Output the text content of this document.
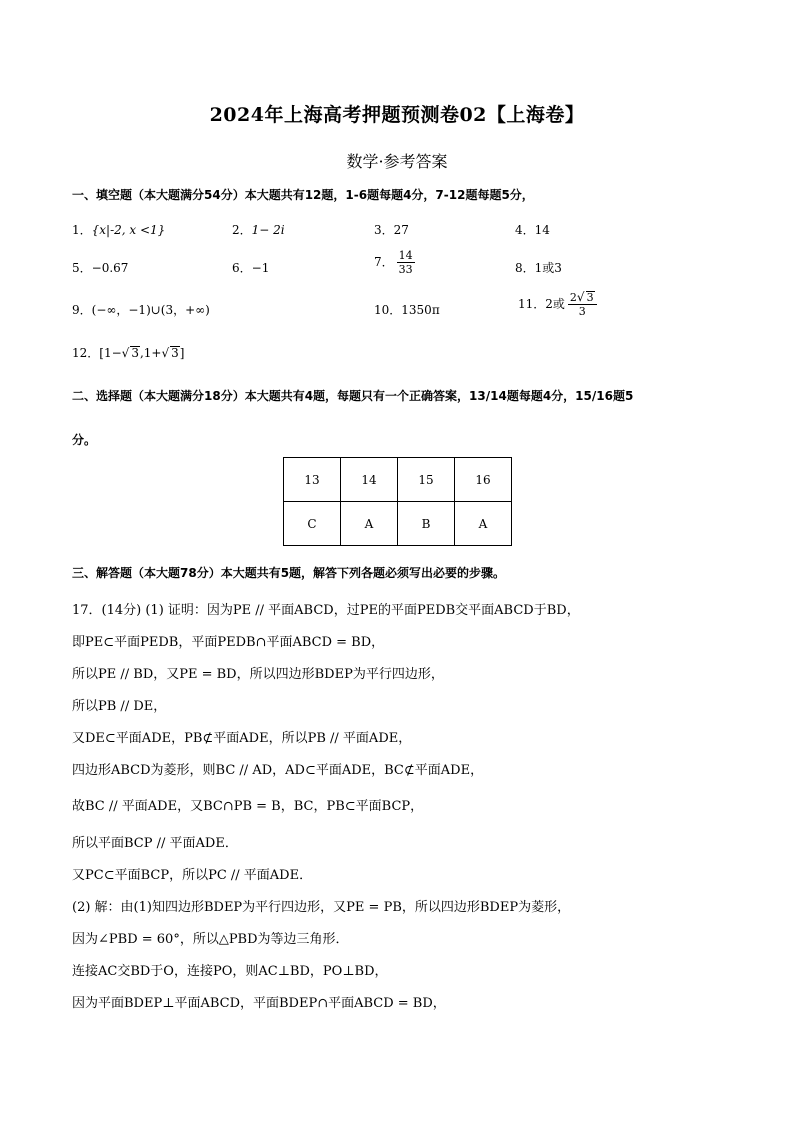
2024年上海高考押题预测卷02【上海卷】
数学·参考答案
一、填空题（本大题满分54分）本大题共有12题，1-6题每题4分，7-12题每题5分，
1．{x|-2, x <1}	2．1− 2i	3．27	4．14
5．−0.67	6．−1	7． $\frac{14}{33}$	8．1或3
9．(−∞，−1)∪(3，+∞)	10．1350π	11．2或 $\frac{2√ 3}{3}$
12．[1−√ 3,1+√ 3]
二、选择题（本大题满分18分）本大题共有4题，每题只有一个正确答案，13/14题每题4分，15/16题5
分。
13	14	15	16
C	A	B	A
三、解答题（本大题78分）本大题共有5题，解答下列各题必须写出必要的步骤。
17．(14分) (1) 证明：因为PE // 平面ABCD，过PE的平面PEDB交平面ABCD于BD，
即PE⊂平面PEDB，平面PEDB∩平面ABCD = BD，
所以PE // BD，又PE = BD，所以四边形BDEP为平行四边形，
所以PB // DE，
又DE⊂平面ADE，PB⊄平面ADE，所以PB // 平面ADE，
四边形ABCD为菱形，则BC // AD，AD⊂平面ADE，BC⊄平面ADE，
故BC // 平面ADE，又BC∩PB = B，BC，PB⊂平面BCP，
所以平面BCP // 平面ADE．
又PC⊂平面BCP，所以PC // 平面ADE．
(2) 解：由(1)知四边形BDEP为平行四边形，又PE = PB，所以四边形BDEP为菱形，
因为∠PBD = 60°，所以△PBD为等边三角形．
连接AC交BD于O，连接PO，则AC⊥BD，PO⊥BD，
因为平面BDEP⊥平面ABCD，平面BDEP∩平面ABCD = BD，
